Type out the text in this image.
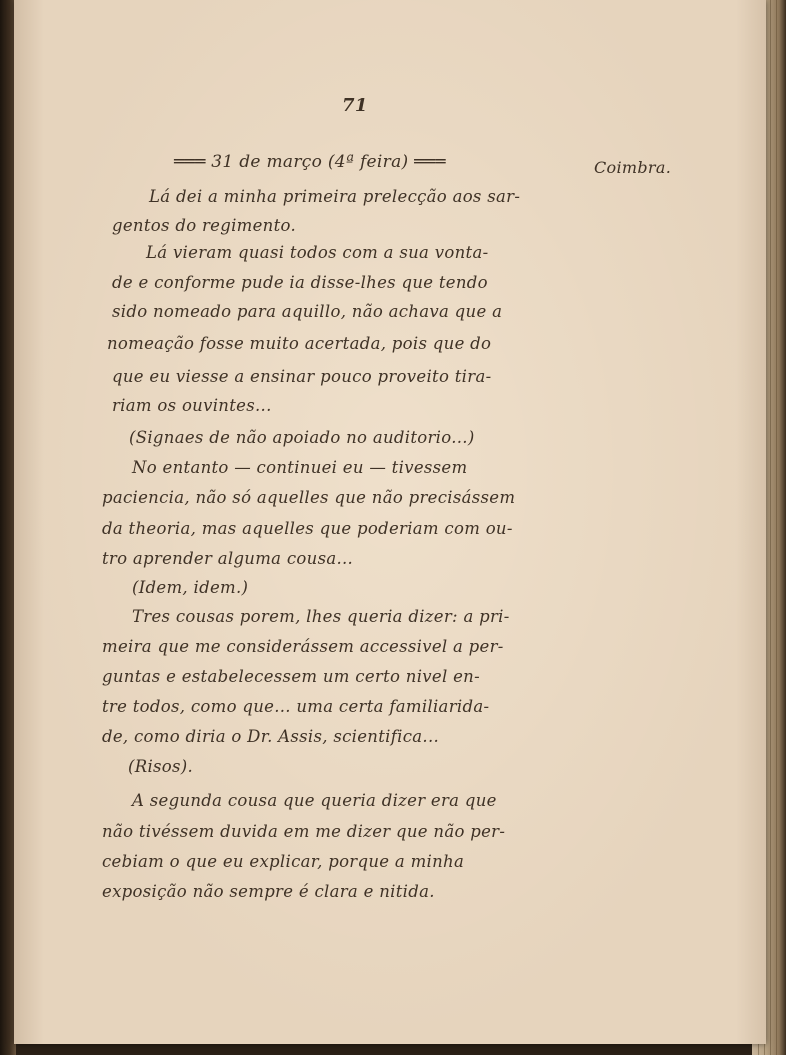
71
═══ 31 de março (4ª feira) ═══	Coimbra.
Lá dei a minha primeira prelecção aos sar-
gentos do regimento.
Lá vieram quasi todos com a sua vonta-
de e conforme pude ia disse-lhes que tendo
sido nomeado para aquillo, não achava que a
nomeação fosse muito acertada, pois que do
que eu viesse a ensinar pouco proveito tira-
riam os ouvintes...
(Signaes de não apoiado no auditorio...)
No entanto — continuei eu — tivessem
paciencia, não só aquelles que não precisássem
da theoria, mas aquelles que poderiam com ou-
tro aprender alguma cousa...
(Idem, idem.)
Tres cousas porem, lhes queria dizer: a pri-
meira que me considerássem accessivel a per-
guntas e estabelecessem um certo nivel en-
tre todos, como que... uma certa familiarida-
de, como diria o Dr. Assis, scientifica...
(Risos).
A segunda cousa que queria dizer era que
não tivéssem duvida em me dizer que não per-
cebiam o que eu explicar, porque a minha
exposição não sempre é clara e nitida.
